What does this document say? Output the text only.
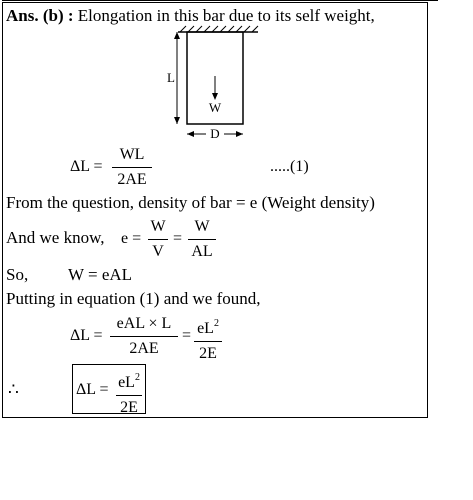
Ans. (b) : Elongation in this bar due to its self weight,
L
W
D
ΔL =
WL
2AE
.....(1)
From the question, density of bar = e (Weight density)
And we know, e =
W
V
=
W
AL
So, W = eAL
Putting in equation (1) and we found,
ΔL =
eAL × L
2AE
= $eL^2$
2E
∴	$\Delta L = eL^2$
2E
